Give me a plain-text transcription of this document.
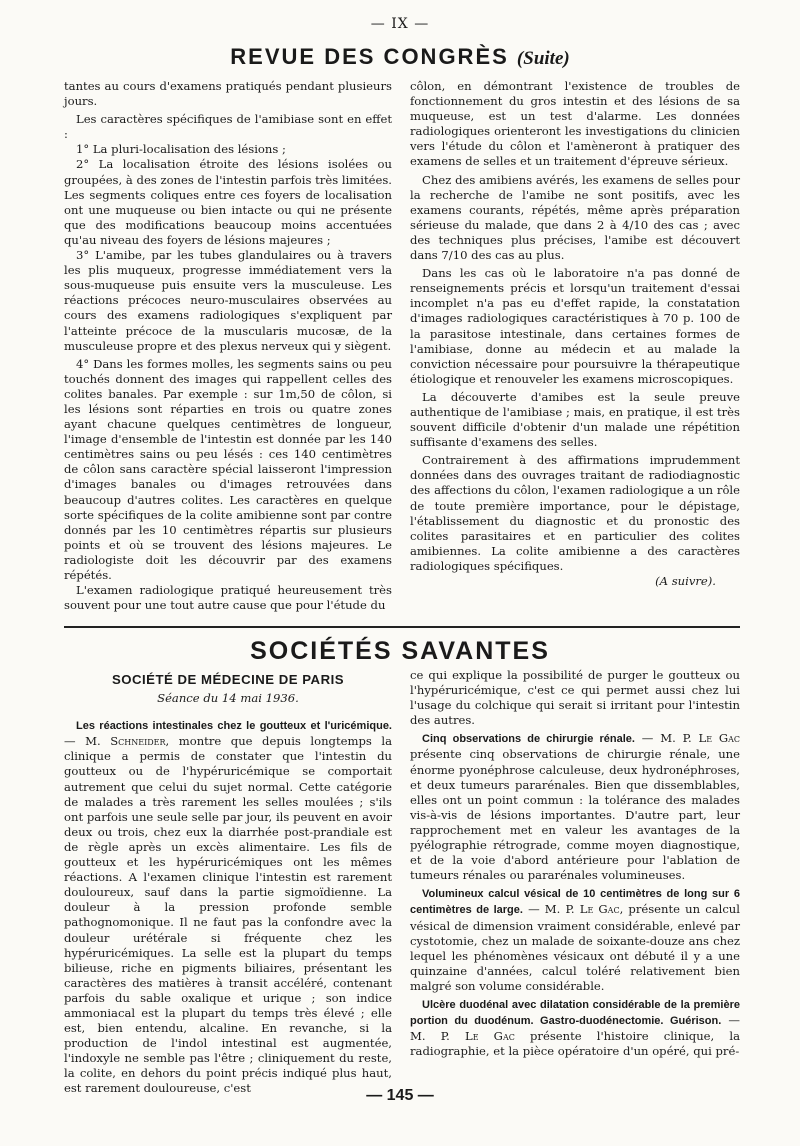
— IX —
REVUE DES CONGRÈS (Suite)

tantes au cours d'examens pratiqués pendant plusieurs jours.

Les caractères spécifiques de l'amibiase sont en effet :

1° La pluri-localisation des lésions ;

2° La localisation étroite des lésions isolées ou groupées, à des zones de l'intestin parfois très limitées. Les segments coliques entre ces foyers de localisation ont une muqueuse ou bien intacte ou qui ne présente que des modifications beaucoup moins accentuées qu'au niveau des foyers de lésions majeures ;

3° L'amibe, par les tubes glandulaires ou à travers les plis muqueux, progresse immédiatement vers la sous-muqueuse puis ensuite vers la musculeuse. Les réactions précoces neuro-musculaires observées au cours des examens radiologiques s'expliquent par l'atteinte précoce de la muscularis mucosæ, de la musculeuse propre et des plexus nerveux qui y siègent.

4° Dans les formes molles, les segments sains ou peu touchés donnent des images qui rappellent celles des colites banales. Par exemple : sur 1m,50 de côlon, si les lésions sont réparties en trois ou quatre zones ayant chacune quelques centimètres de longueur, l'image d'ensemble de l'intestin est donnée par les 140 centimètres sains ou peu lésés : ces 140 centimètres de côlon sans caractère spécial laisseront l'impression d'images banales ou d'images retrouvées dans beaucoup d'autres colites. Les caractères en quelque sorte spécifiques de la colite amibienne sont par contre donnés par les 10 centimètres répartis sur plusieurs points et où se trouvent des lésions majeures. Le radiologiste doit les découvrir par des examens répétés.

L'examen radiologique pratiqué heureusement très souvent pour une tout autre cause que pour l'étude du

côlon, en démontrant l'existence de troubles de fonctionnement du gros intestin et des lésions de sa muqueuse, est un test d'alarme. Les données radiologiques orienteront les investigations du clinicien vers l'étude du côlon et l'amèneront à pratiquer des examens de selles et un traitement d'épreuve sérieux.

Chez des amibiens avérés, les examens de selles pour la recherche de l'amibe ne sont positifs, avec les examens courants, répétés, même après préparation sérieuse du malade, que dans 2 à 4/10 des cas ; avec des techniques plus précises, l'amibe est découvert dans 7/10 des cas au plus.

Dans les cas où le laboratoire n'a pas donné de renseignements précis et lorsqu'un traitement d'essai incomplet n'a pas eu d'effet rapide, la constatation d'images radiologiques caractéristiques à 70 p. 100 de la parasitose intestinale, dans certaines formes de l'amibiase, donne au médecin et au malade la conviction nécessaire pour poursuivre la thérapeutique étiologique et renouveler les examens microscopiques.

La découverte d'amibes est la seule preuve authentique de l'amibiase ; mais, en pratique, il est très souvent difficile d'obtenir d'un malade une répétition suffisante d'examens des selles.

Contrairement à des affirmations imprudemment données dans des ouvrages traitant de radiodiagnostic des affections du côlon, l'examen radiologique a un rôle de toute première importance, pour le dépistage, l'établissement du diagnostic et du pronostic des colites parasitaires et en particulier des colites amibiennes. La colite amibienne a des caractères radiologiques spécifiques.

(A suivre).

SOCIÉTÉS SAVANTES
SOCIÉTÉ DE MÉDECINE DE PARIS
Séance du 14 mai 1936.

Les réactions intestinales chez le goutteux et l'uricémique. — M. Schneider, montre que depuis longtemps la clinique a permis de constater que l'intestin du goutteux ou de l'hypéruricémique se comportait autrement que celui du sujet normal. Cette catégorie de malades a très rarement les selles moulées ; s'ils ont parfois une seule selle par jour, ils peuvent en avoir deux ou trois, chez eux la diarrhée post-prandiale est de règle après un excès alimentaire. Les fils de goutteux et les hypéruricémiques ont les mêmes réactions. A l'examen clinique l'intestin est rarement douloureux, sauf dans la partie sigmoïdienne. La douleur à la pression profonde semble pathognomonique. Il ne faut pas la confondre avec la douleur urétérale si fréquente chez les hypéruricémiques. La selle est la plupart du temps bilieuse, riche en pigments biliaires, présentant les caractères des matières à transit accéléré, contenant parfois du sable oxalique et urique ; son indice ammoniacal est la plupart du temps très élevé ; elle est, bien entendu, alcaline. En revanche, si la production de l'indol intestinal est augmentée, l'indoxyle ne semble pas l'être ; cliniquement du reste, la colite, en dehors du point précis indiqué plus haut, est rarement douloureuse, c'est

ce qui explique la possibilité de purger le goutteux ou l'hypéruricémique, c'est ce qui permet aussi chez lui l'usage du colchique qui serait si irritant pour l'intestin des autres.

Cinq observations de chirurgie rénale. — M. P. Le Gac présente cinq observations de chirurgie rénale, une énorme pyonéphrose calculeuse, deux hydronéphroses, et deux tumeurs pararénales. Bien que dissemblables, elles ont un point commun : la tolérance des malades vis-à-vis de lésions importantes. D'autre part, leur rapprochement met en valeur les avantages de la pyélographie rétrograde, comme moyen diagnostique, et de la voie d'abord antérieure pour l'ablation de tumeurs rénales ou pararénales volumineuses.

Volumineux calcul vésical de 10 centimètres de long sur 6 centimètres de large. — M. P. Le Gac, présente un calcul vésical de dimension vraiment considérable, enlevé par cystotomie, chez un malade de soixante-douze ans chez lequel les phénomènes vésicaux ont débuté il y a une quinzaine d'années, calcul toléré relativement bien malgré son volume considérable.

Ulcère duodénal avec dilatation considérable de la première portion du duodénum. Gastro-duodénectomie. Guérison. — M. P. Le Gac présente l'histoire clinique, la radiographie, et la pièce opératoire d'un opéré, qui pré-

— 145 —
